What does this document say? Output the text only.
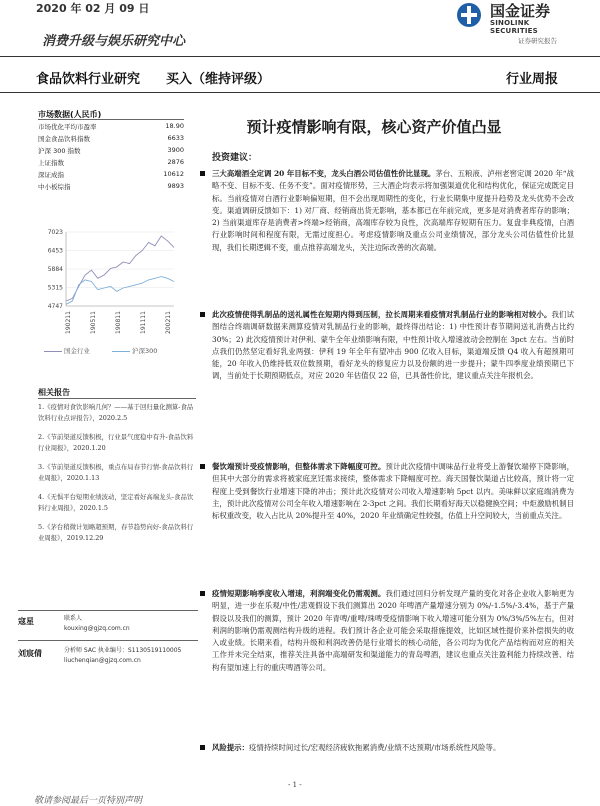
2020 年 02 月 09 日
消费升级与娱乐研究中心
国金证券
SINOLINK SECURITIES
证券研究报告
食品饮料行业研究　　买入（维持评级）	行业周报
市场数据(人民币)
市场优化平均市盈率	18.90
国金食品饮料指数	6633
沪深 300 指数	3900
上证指数	2876
深证成指	10612
中小板综指	9893
7023
6453
5884
5315
4747
190211	190511	190811	191111	200211
国金行业	沪深300
相关报告
1.《疫情对食饮影响几何？——基于回归量化测算-食品饮料行业点评报告》，2020.2.5
2.《节前渠道反馈积极，行业景气度稳中有升-食品饮料行业周报》，2020.1.20
3.《节前渠道反馈积极，重点布局春节行情-食品饮料行业周报》，2020.1.13
4.《无惧平台短期业绩波动，坚定看好高端龙头-食品饮料行业周报》，2020.1.5
5.《茅台稍微计划略超预期，春节趋势向好-食品饮料行业周报》，2019.12.29
寇星	联系人
kouxing@gjzq.com.cn
刘宸倩	分析师 SAC 执业编号：S1130519110005
liuchenqian@gjzq.com.cn
预计疫情影响有限，核心资产价值凸显
投资建议：
三大高端酒全定调 20 年目标不变，龙头白酒公司估值性价比显现。茅台、五粮液、泸州老窖定调 2020 年“战略不变、目标不变、任务不变”。面对疫情形势，三大酒企均表示将加强渠道优化和结构优化，保证完成既定目标。当前疫情对白酒行业影响偏短期，但不会出现周期性的变化，行业长期集中度提升趋势及龙头优势不会改变。渠道调研反馈如下：1) 对厂商、经销商出货无影响，基本都已在年前完成，更多是对消费者库存的影响；2) 当前渠道库存是消费者>终端>经销商，高端库存较为良性，次高端库存短期有压力。复盘非典疫情，白酒行业影响时间和程度有限，无需过度担心。考虑疫情影响及重点公司业绩情况，部分龙头公司估值性价比显现，我们长期逻辑不变，重点推荐高端龙头，关注边际改善的次高端。
此次疫情使得乳制品的送礼属性在短期内得到压制，拉长周期来看疫情对乳制品行业的影响相对较小。我们试图结合终端调研数据来测算疫情对乳制品行业的影响，最终得出结论：1) 中性预计春节期间送礼消费占比约 30%；2) 此次疫情预计对伊利、蒙牛全年业绩影响有限，中性预计收入增速波动会控制在 3pct 左右。当前时点我们仍然坚定看好乳业两强：伊利 19 年全年有望冲击 900 亿收入目标，渠道端反馈 Q4 收入有超预期可能，20 年收入仍维持低双位数预期，看好龙头的修复应力以及份额的进一步提升；蒙牛四季度业绩预期已下调，当前处于长期预期低点，对应 2020 年估值仅 22 倍，已具备性价比，建议重点关注年报机会。
餐饮端预计受疫情影响，但整体需求下降幅度可控。预计此次疫情中调味品行业将受上游餐饮端停下降影响，但其中大部分的需求将被家庭烹饪需求接续，整体需求下降幅度可控。海天国餐饮渠道占比较高，预计将一定程度上受到餐饮行业增速下降的冲击；预计此次疫情对公司收入增速影响 5pct 以内。美味鲜以家庭端消费为主，预计此次疫情对公司全年收入增速影响在 2-3pct 之间。我们长期看好海天以稳健换空间；中炬激励机制目标权重改变，收入占比从 20%提升至 40%，2020 年业绩确定性较强，估值上升空间较大，当前重点关注。
疫情短期影响季度收入增速，利润端变化仍需观测。我们通过回归分析发现产量的变化对各企业收入影响更为明显，进一步在乐观/中性/悲观假设下我们测算出 2020 年啤酒产量增速分别为 0%/-1.5%/-3.4%，基于产量假设以及我们的测算，预计 2020 年青啤/重啤/珠啤受疫情影响下收入增速可能分别为 0%/3%/5%左右，但对利润的影响仍需观测结构升级的进程。我们预计各企业可能会采取措施提效，比如区域性提价来补偿损失的收入或业绩。长期来看，结构升级和利润改善仍是行业增长的核心动能，各公司均为优化产品结构而对应的相关工作并未完全结束，推荐关注具备中高端研发和渠道能力的青岛啤酒，建议也重点关注盈利能力持续改善、结构有望加速上行的重庆啤酒等公司。
风险提示：疫情持续时间过长/宏观经济疲软拖累消费/业绩不达预期/市场系统性风险等。
- 1 -
敬请参阅最后一页特别声明
